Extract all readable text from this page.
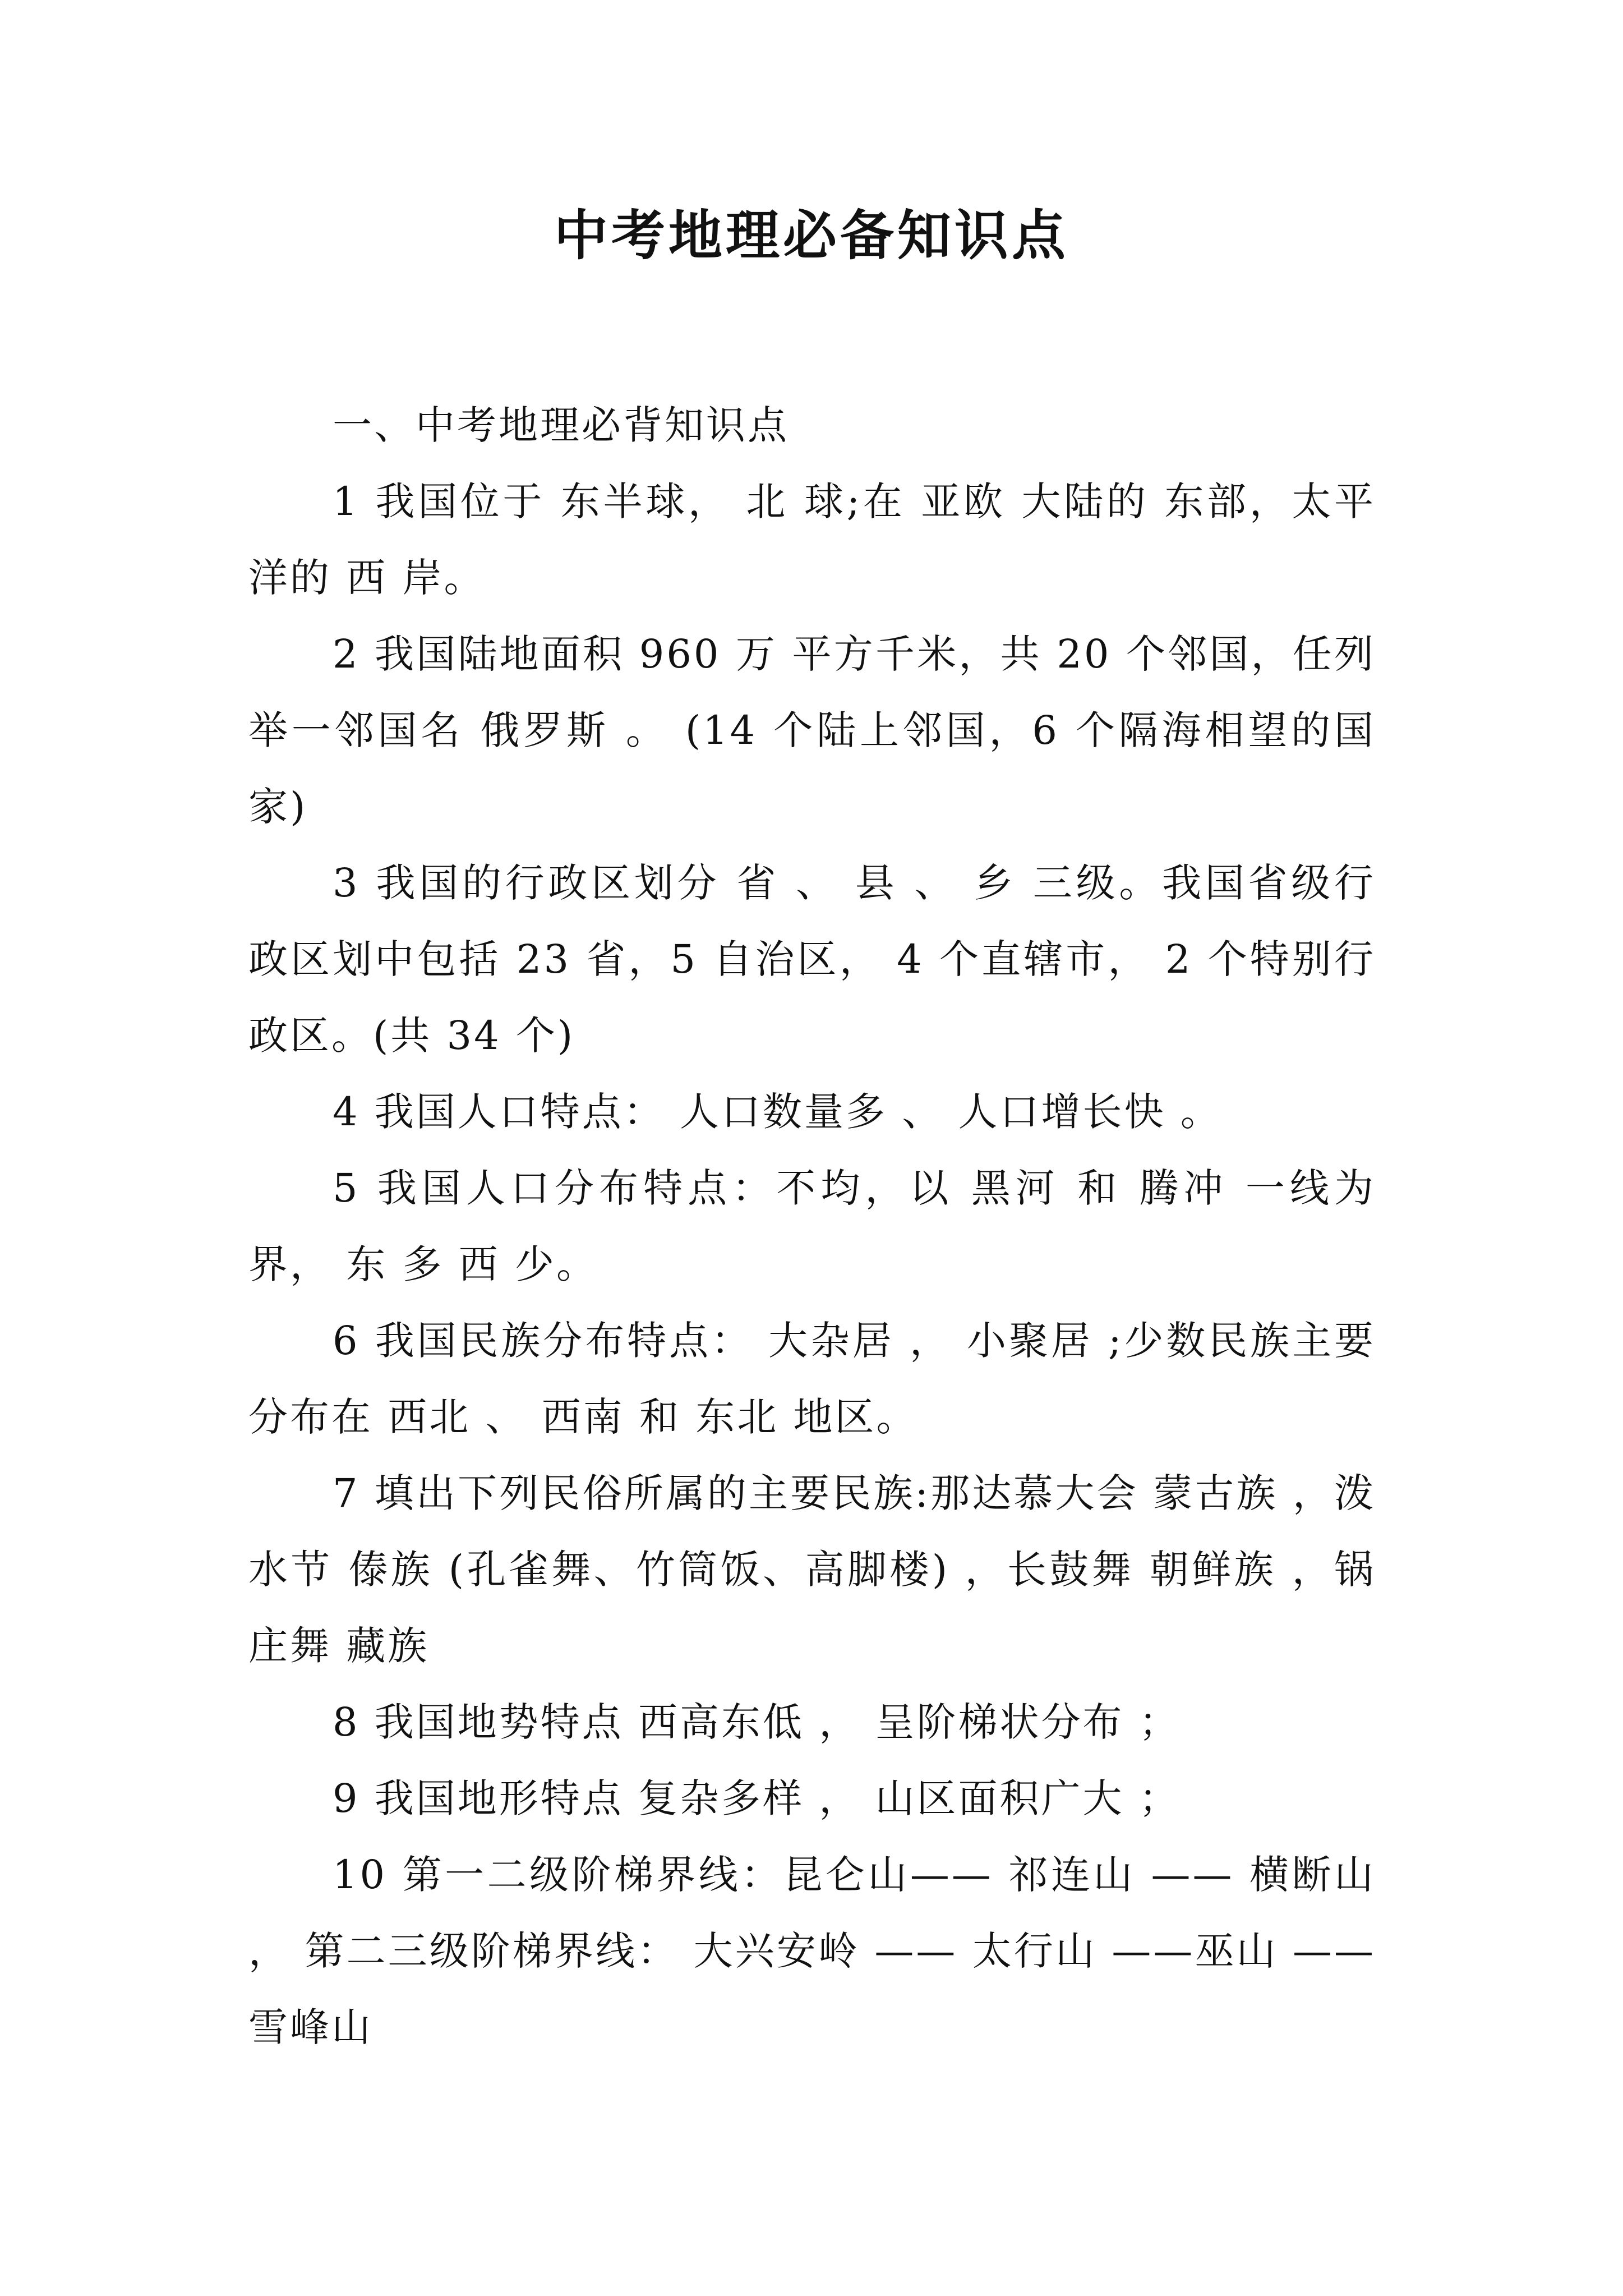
中考地理必备知识点

一、中考地理必背知识点

1 我国位于 东半球， 北 球;在 亚欧 大陆的 东部，太平洋的 西 岸。

2 我国陆地面积 960 万 平方千米，共 20 个邻国，任列举一邻国名 俄罗斯 。 (14 个陆上邻国，6 个隔海相望的国家)

3 我国的行政区划分 省 、 县 、 乡 三级。我国省级行政区划中包括 23 省，5 自治区， 4 个直辖市， 2 个特别行政区。(共 34 个)

4 我国人口特点： 人口数量多 、 人口增长快 。

5 我国人口分布特点：不均，以 黑河 和 腾冲 一线为界， 东 多 西 少。

6 我国民族分布特点： 大杂居 ， 小聚居 ;少数民族主要分布在 西北 、 西南 和 东北 地区。

7 填出下列民俗所属的主要民族:那达慕大会 蒙古族 ，泼水节 傣族 (孔雀舞、竹筒饭、高脚楼) ，长鼓舞 朝鲜族 ，锅庄舞 藏族

8 我国地势特点 西高东低 ， 呈阶梯状分布 ；

9 我国地形特点 复杂多样 ， 山区面积广大 ；

10 第一二级阶梯界线：昆仑山—— 祁连山 —— 横断山 ， 第二三级阶梯界线： 大兴安岭 —— 太行山 ——巫山 ——雪峰山
